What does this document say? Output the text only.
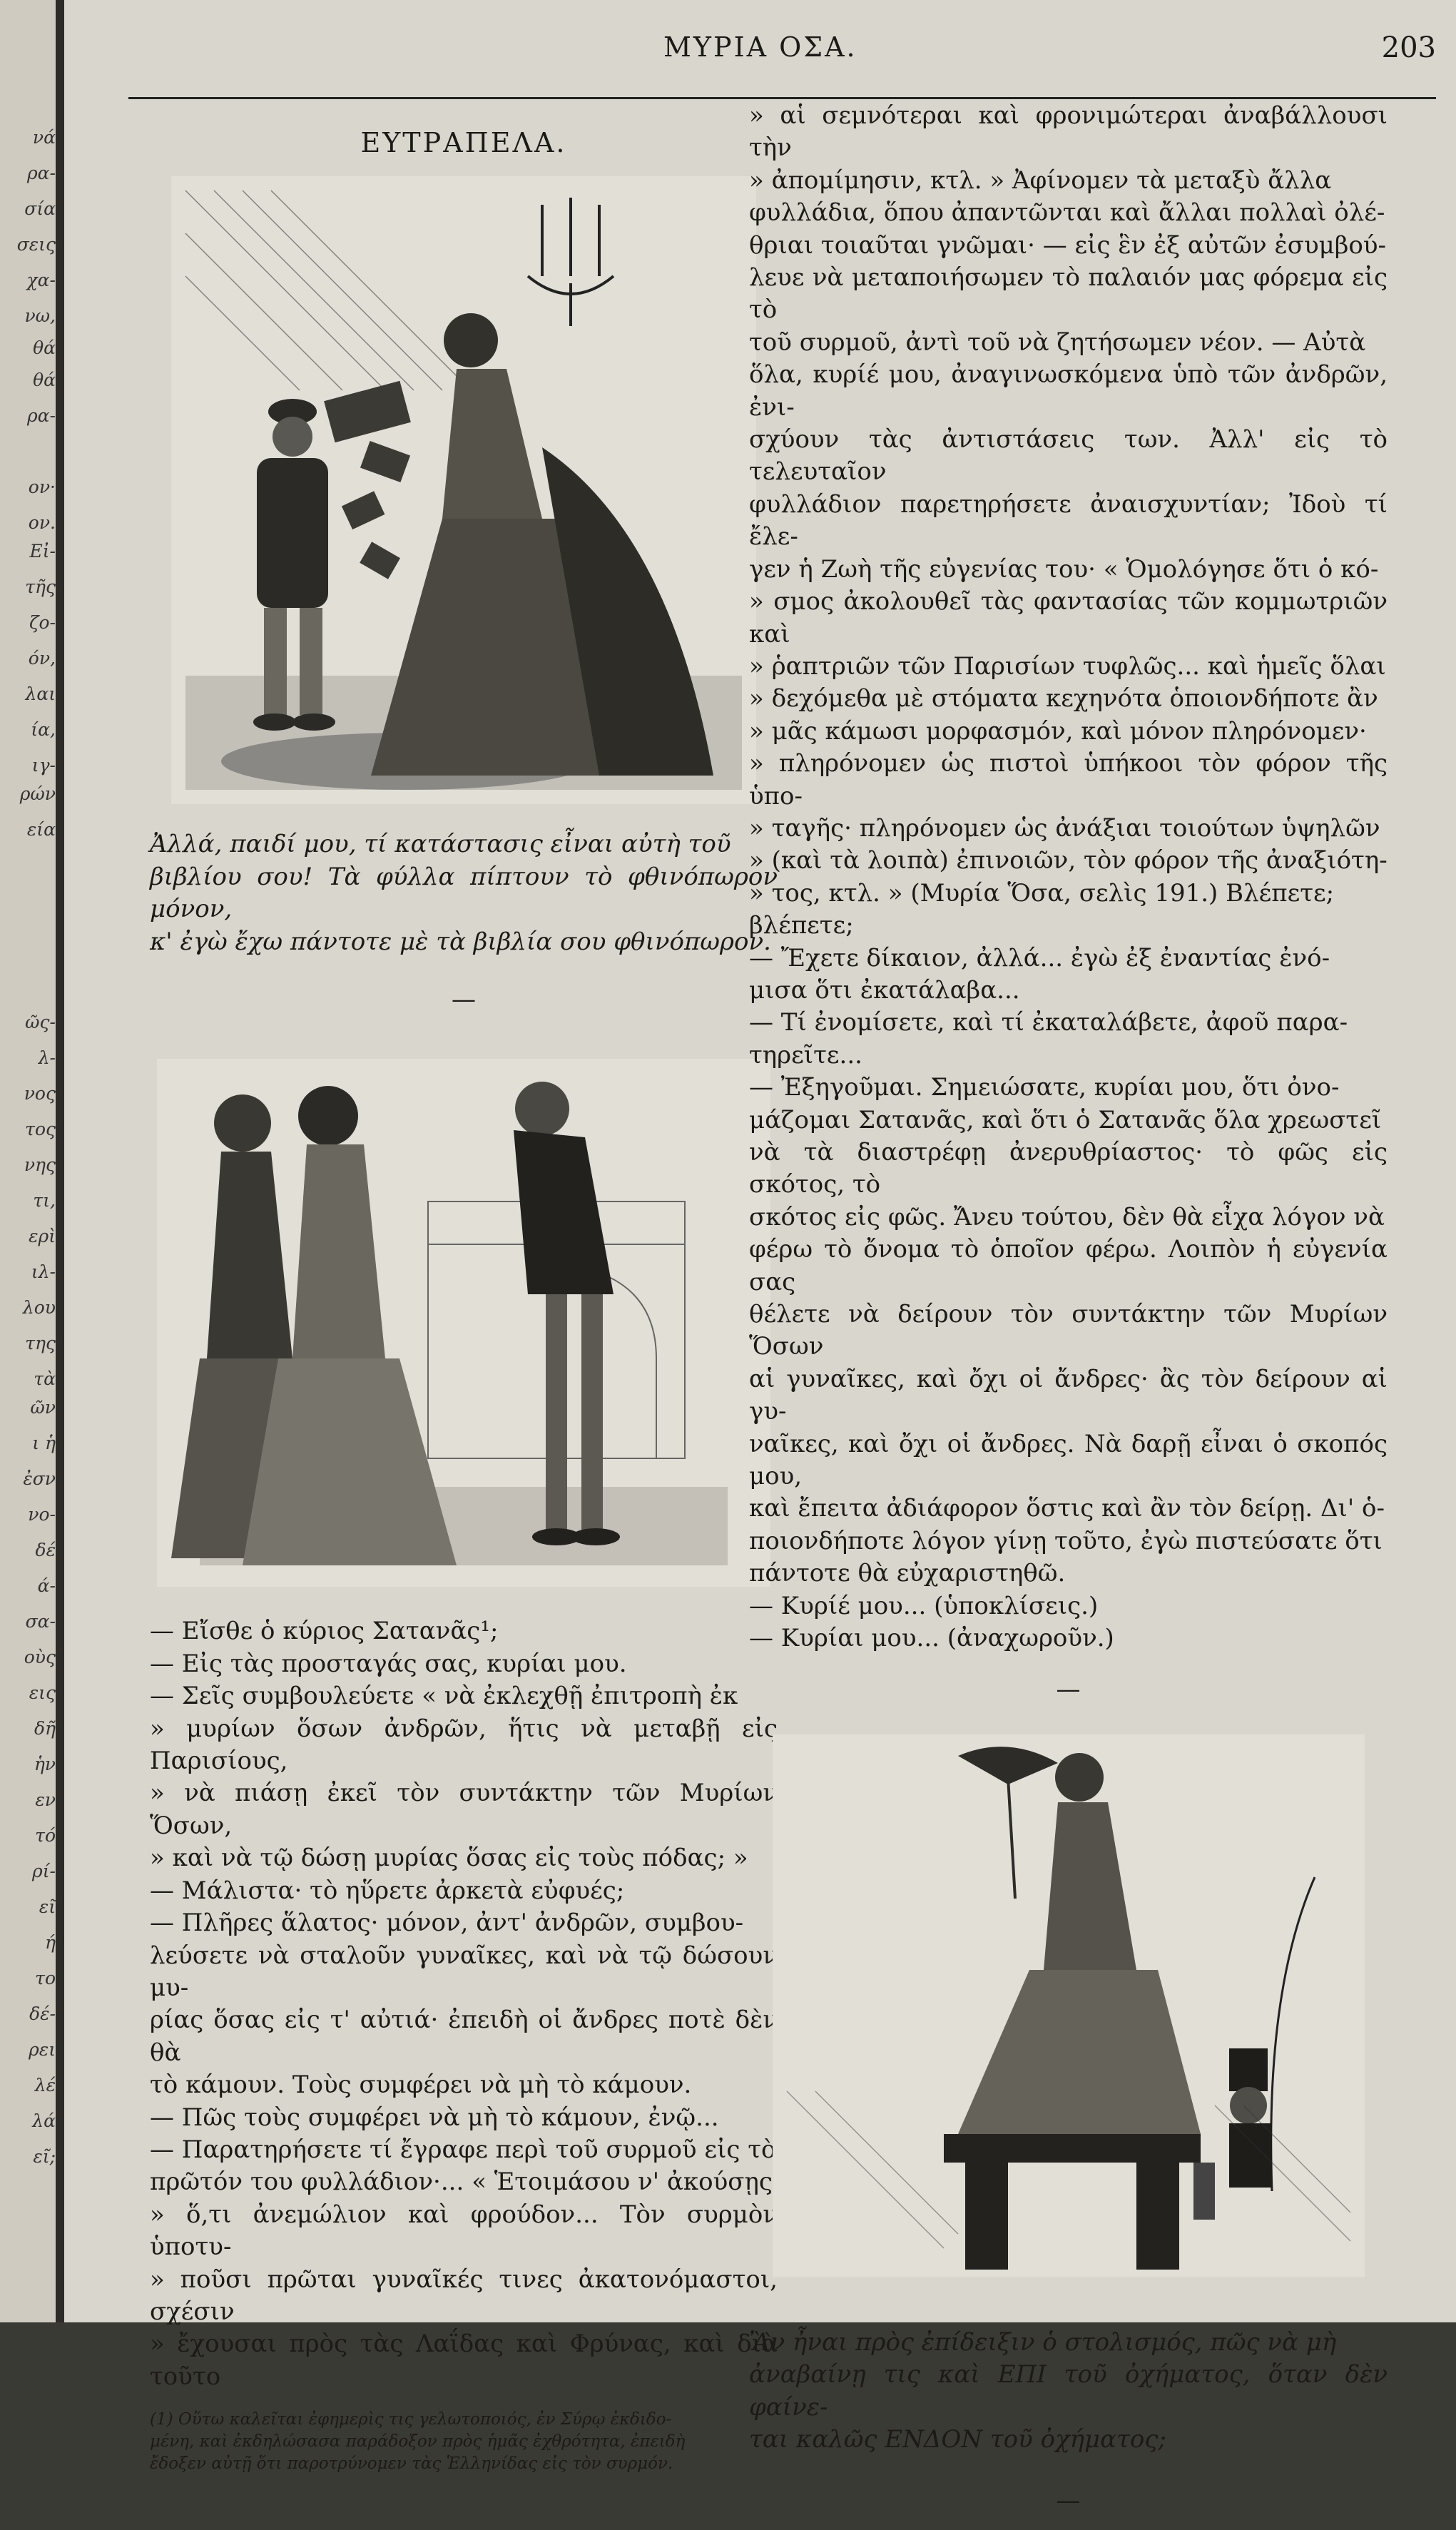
νά
ρα-
σία
σεις
χα-
νω,
θά
θά
ρα-
ον·
ον.
Εἰ-
τῆς
ζο-
όν,
λαι
ία,
ιγ-
ρών
εία
ῶς-
λ-
νος
τος
νης
τι,
ερὶ
ιλ-
λου
της
τὰ
ῶν
ι ἡ
ἐσν
νο-
δέ
ά-
σα-
οὺς
εις
δῆ
ἡν
εν
τό
ρί-
εῖ
ή
το
δέ-
ρει
λέ
λά
εῖ;
ΜΥΡΙΑ ΟΣΑ.	203
ΕΥΤΡΑΠΕΛΑ.

Ἀλλά, παιδί μου, τί κατάστασις εἶναι αὐτὴ τοῦ

βιβλίου σου! Τὰ φύλλα πίπτουν τὸ φθινόπωρον μόνον,

κ' ἐγὼ ἔχω πάντοτε μὲ τὰ βιβλία σου φθινόπωρον.

—

— Εἴσθε ὁ κύριος Σατανᾶς¹;

— Εἰς τὰς προσταγάς σας, κυρίαι μου.

— Σεῖς συμβουλεύετε « νὰ ἐκλεχθῇ ἐπιτροπὴ ἐκ

» μυρίων ὅσων ἀνδρῶν, ἥτις νὰ μεταβῇ εἰς Παρισίους,

» νὰ πιάσῃ ἐκεῖ τὸν συντάκτην τῶν Μυρίων Ὅσων,

» καὶ νὰ τῷ δώσῃ μυρίας ὅσας εἰς τοὺς πόδας; »

— Μάλιστα· τὸ ηὕρετε ἀρκετὰ εὐφυές;

— Πλῆρες ἅλατος· μόνον, ἀντ' ἀνδρῶν, συμβου-

λεύσετε νὰ σταλοῦν γυναῖκες, καὶ νὰ τῷ δώσουν μυ-

ρίας ὅσας εἰς τ' αὐτιά· ἐπειδὴ οἱ ἄνδρες ποτὲ δὲν θὰ

τὸ κάμουν. Τοὺς συμφέρει νὰ μὴ τὸ κάμουν.

— Πῶς τοὺς συμφέρει νὰ μὴ τὸ κάμουν, ἐνῷ...

— Παρατηρήσετε τί ἔγραφε περὶ τοῦ συρμοῦ εἰς τὸ

πρῶτόν του φυλλάδιον·... « Ἑτοιμάσου ν' ἀκούσῃς

» ὅ,τι ἀνεμώλιον καὶ φρούδον... Τὸν συρμὸν ὑποτυ-

» ποῦσι πρῶται γυναῖκές τινες ἀκατονόμαστοι, σχέσιν

» ἔχουσαι πρὸς τὰς Λαΐδας καὶ Φρύνας, καὶ διὰ τοῦτο

(1) Οὕτω καλεῖται ἐφημερὶς τις γελωτοποιός, ἐν Σύρῳ ἐκδιδο-

μένη, καὶ ἐκδηλώσασα παράδοξον πρὸς ἡμᾶς ἐχθρότητα, ἐπειδὴ

ἔδοξεν αὐτῇ ὅτι παροτρύνομεν τὰς Ἑλληνίδας εἰς τὸν συρμόν.

» αἱ σεμνότεραι καὶ φρονιμώτεραι ἀναβάλλουσι τὴν

» ἀπομίμησιν, κτλ. » Ἀφίνομεν τὰ μεταξὺ ἄλλα

φυλλάδια, ὅπου ἀπαντῶνται καὶ ἄλλαι πολλαὶ ὀλέ-

θριαι τοιαῦται γνῶμαι· — εἰς ἓν ἐξ αὐτῶν ἐσυμβού-

λευε νὰ μεταποιήσωμεν τὸ παλαιόν μας φόρεμα εἰς τὸ

τοῦ συρμοῦ, ἀντὶ τοῦ νὰ ζητήσωμεν νέον. — Αὐτὰ

ὅλα, κυρίέ μου, ἀναγινωσκόμενα ὑπὸ τῶν ἀνδρῶν, ἐνι-

σχύουν τὰς ἀντιστάσεις των. Ἀλλ' εἰς τὸ τελευταῖον

φυλλάδιον παρετηρήσετε ἀναισχυντίαν; Ἰδοὺ τί ἔλε-

γεν ἡ Ζωὴ τῆς εὐγενίας του· « Ὁμολόγησε ὅτι ὁ κό-

» σμος ἀκολουθεῖ τὰς φαντασίας τῶν κομμωτριῶν καὶ

» ῥαπτριῶν τῶν Παρισίων τυφλῶς... καὶ ἡμεῖς ὅλαι

» δεχόμεθα μὲ στόματα κεχηνότα ὁποιονδήποτε ἂν

» μᾶς κάμωσι μορφασμόν, καὶ μόνον πληρόνομεν·

» πληρόνομεν ὡς πιστοὶ ὑπήκοοι τὸν φόρον τῆς ὑπο-

» ταγῆς· πληρόνομεν ὡς ἀνάξιαι τοιούτων ὑψηλῶν

» (καὶ τὰ λοιπὰ) ἐπινοιῶν, τὸν φόρον τῆς ἀναξιότη-

» τος, κτλ. » (Μυρία Ὅσα, σελὶς 191.) Βλέπετε;

βλέπετε;

— Ἔχετε δίκαιον, ἀλλά... ἐγὼ ἐξ ἐναντίας ἐνό-

μισα ὅτι ἐκατάλαβα...

— Τί ἐνομίσετε, καὶ τί ἐκαταλάβετε, ἀφοῦ παρα-

τηρεῖτε...

— Ἐξηγοῦμαι. Σημειώσατε, κυρίαι μου, ὅτι ὀνο-

μάζομαι Σατανᾶς, καὶ ὅτι ὁ Σατανᾶς ὅλα χρεωστεῖ

νὰ τὰ διαστρέφῃ ἀνερυθρίαστος· τὸ φῶς εἰς σκότος, τὸ

σκότος εἰς φῶς. Ἄνευ τούτου, δὲν θὰ εἶχα λόγον νὰ

φέρω τὸ ὄνομα τὸ ὁποῖον φέρω. Λοιπὸν ἡ εὐγενία σας

θέλετε νὰ δείρουν τὸν συντάκτην τῶν Μυρίων Ὅσων

αἱ γυναῖκες, καὶ ὄχι οἱ ἄνδρες· ἂς τὸν δείρουν αἱ γυ-

ναῖκες, καὶ ὄχι οἱ ἄνδρες. Νὰ δαρῇ εἶναι ὁ σκοπός μου,

καὶ ἔπειτα ἀδιάφορον ὅστις καὶ ἂν τὸν δείρῃ. Δι' ὁ-

ποιονδήποτε λόγον γίνῃ τοῦτο, ἐγὼ πιστεύσατε ὅτι

πάντοτε θὰ εὐχαριστηθῶ.

— Κυρίέ μου... (ὑποκλίσεις.)

— Κυρίαι μου... (ἀναχωροῦν.)

—

Ἂν ἦναι πρὸς ἐπίδειξιν ὁ στολισμός, πῶς νὰ μὴ

ἀναβαίνῃ τις καὶ ΕΠΙ τοῦ ὀχήματος, ὅταν δὲν φαίνε-

ται καλῶς ΕΝΔΟΝ τοῦ ὀχήματος;

—
